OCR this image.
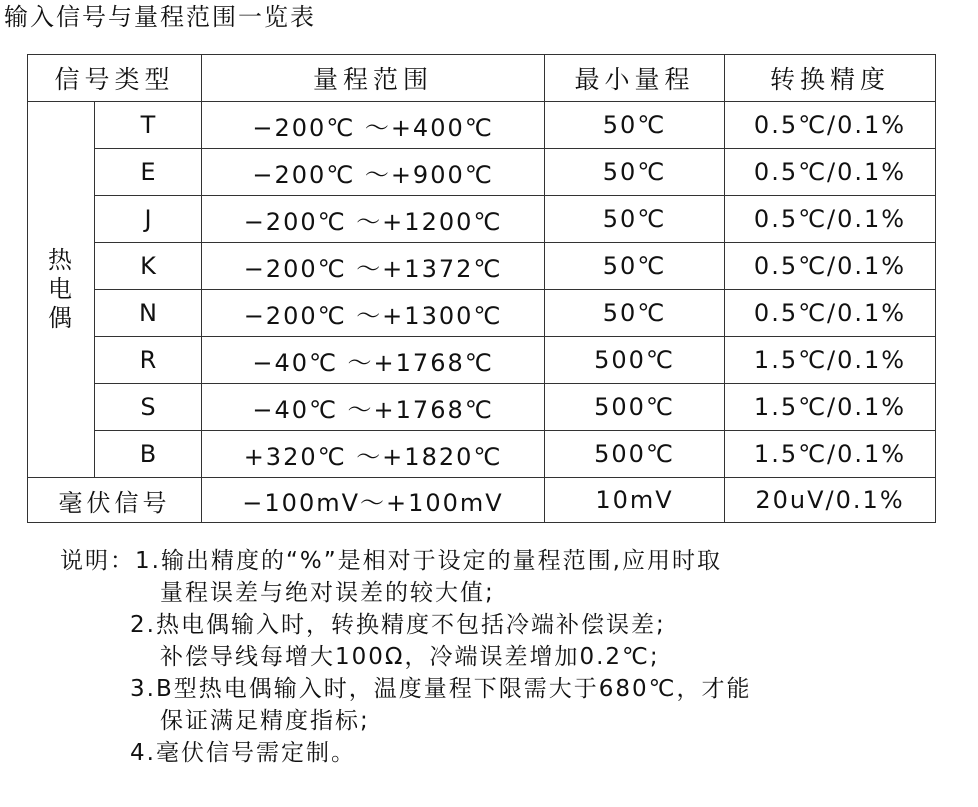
输入信号与量程范围一览表
信号类型		量程范围	最小量程	转换精度

热
电
偶	T	−200℃ ～+400℃	50℃	0.5℃/0.1%
	E	−200℃ ～+900℃	50℃	0.5℃/0.1%
	J	−200℃ ～+1200℃	50℃	0.5℃/0.1%
	K	−200℃ ～+1372℃	50℃	0.5℃/0.1%
	N	−200℃ ～+1300℃	50℃	0.5℃/0.1%
	R	−40℃ ～+1768℃	500℃	1.5℃/0.1%
	S	−40℃ ～+1768℃	500℃	1.5℃/0.1%
	B	+320℃ ～+1820℃	500℃	1.5℃/0.1%
毫伏信号		−100mV～+100mV	10mV	20uV/0.1%
说明：1.输出精度的“%”是相对于设定的量程范围,应用时取
量程误差与绝对误差的较大值;
2.热电偶输入时，转换精度不包括冷端补偿误差;
补偿导线每增大100Ω，冷端误差增加0.2℃;
3.B型热电偶输入时，温度量程下限需大于680℃，才能
保证满足精度指标;
4.毫伏信号需定制。
